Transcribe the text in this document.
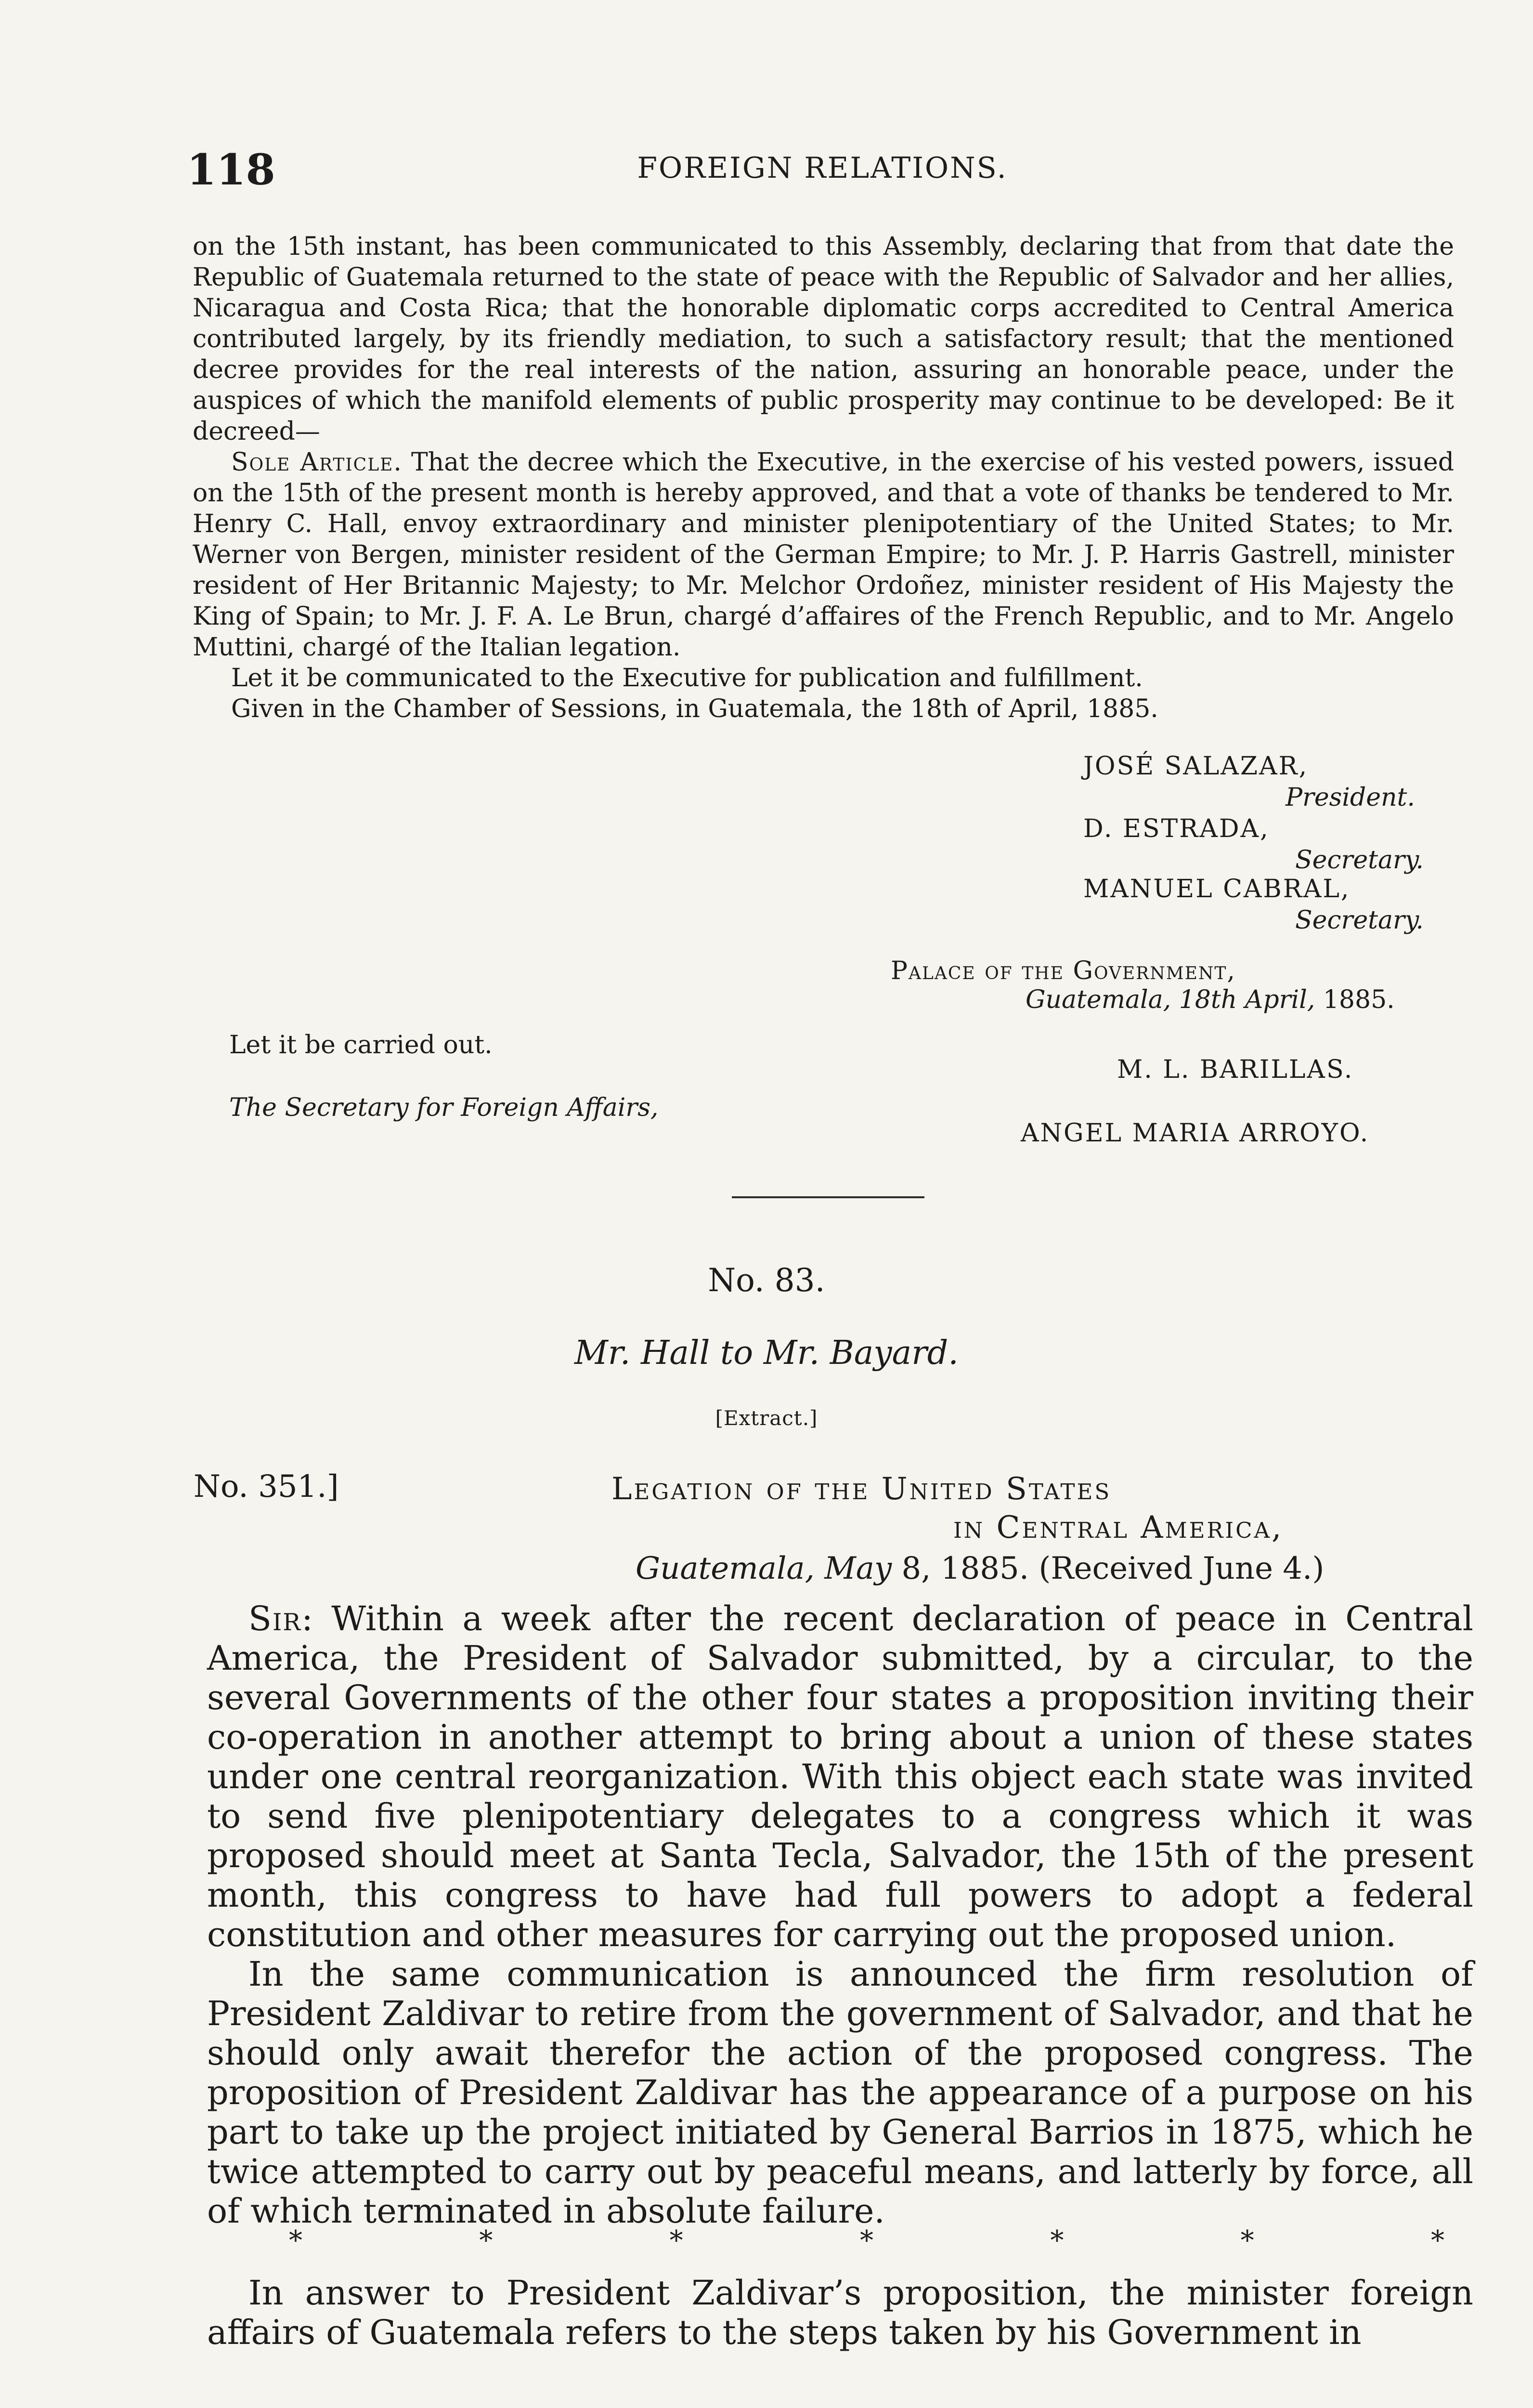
118	FOREIGN RELATIONS.

on the 15th instant, has been communicated to this Assembly, declaring that from that date the Republic of Guatemala returned to the state of peace with the Republic of Salvador and her allies, Nicaragua and Costa Rica; that the honorable diplomatic corps accredited to Central America contributed largely, by its friendly mediation, to such a satisfactory result; that the mentioned decree provides for the real interests of the nation, assuring an honorable peace, under the auspices of which the manifold elements of public prosperity may continue to be developed: Be it decreed—

Sole Article. That the decree which the Executive, in the exercise of his vested powers, issued on the 15th of the present month is hereby approved, and that a vote of thanks be tendered to Mr. Henry C. Hall, envoy extraordinary and minister plenipotentiary of the United States; to Mr. Werner von Bergen, minister resident of the German Empire; to Mr. J. P. Harris Gastrell, minister resident of Her Britannic Majesty; to Mr. Melchor Ordoñez, minister resident of His Majesty the King of Spain; to Mr. J. F. A. Le Brun, chargé d’affaires of the French Republic, and to Mr. Angelo Muttini, chargé of the Italian legation.

Let it be communicated to the Executive for publication and fulfillment.

Given in the Chamber of Sessions, in Guatemala, the 18th of April, 1885.

JOSÉ SALAZAR,
President.
D. ESTRADA,
Secretary.
MANUEL CABRAL,
Secretary.
Palace of the Government,
Guatemala, 18th April, 1885.
Let it be carried out.
M. L. BARILLAS.
The Secretary for Foreign Affairs,
ANGEL MARIA ARROYO.
No. 83.
Mr. Hall to Mr. Bayard.
[Extract.]
No. 351.]	Legation of the United States
in Central America,
Guatemala, May 8, 1885. (Received June 4.)

Sir: Within a week after the recent declaration of peace in Central America, the President of Salvador submitted, by a circular, to the several Governments of the other four states a proposition inviting their co-operation in another attempt to bring about a union of these states under one central reorganization. With this object each state was invited to send five plenipotentiary delegates to a congress which it was proposed should meet at Santa Tecla, Salvador, the 15th of the present month, this congress to have had full powers to adopt a federal constitution and other measures for carrying out the proposed union.

In the same communication is announced the firm resolution of President Zaldivar to retire from the government of Salvador, and that he should only await therefor the action of the proposed congress. The proposition of President Zaldivar has the appearance of a purpose on his part to take up the project initiated by General Barrios in 1875, which he twice attempted to carry out by peaceful means, and latterly by force, all of which terminated in absolute failure.

*	*	*	*	*	*	*

In answer to President Zaldivar’s proposition, the minister foreign affairs of Guatemala refers to the steps taken by his Government in
